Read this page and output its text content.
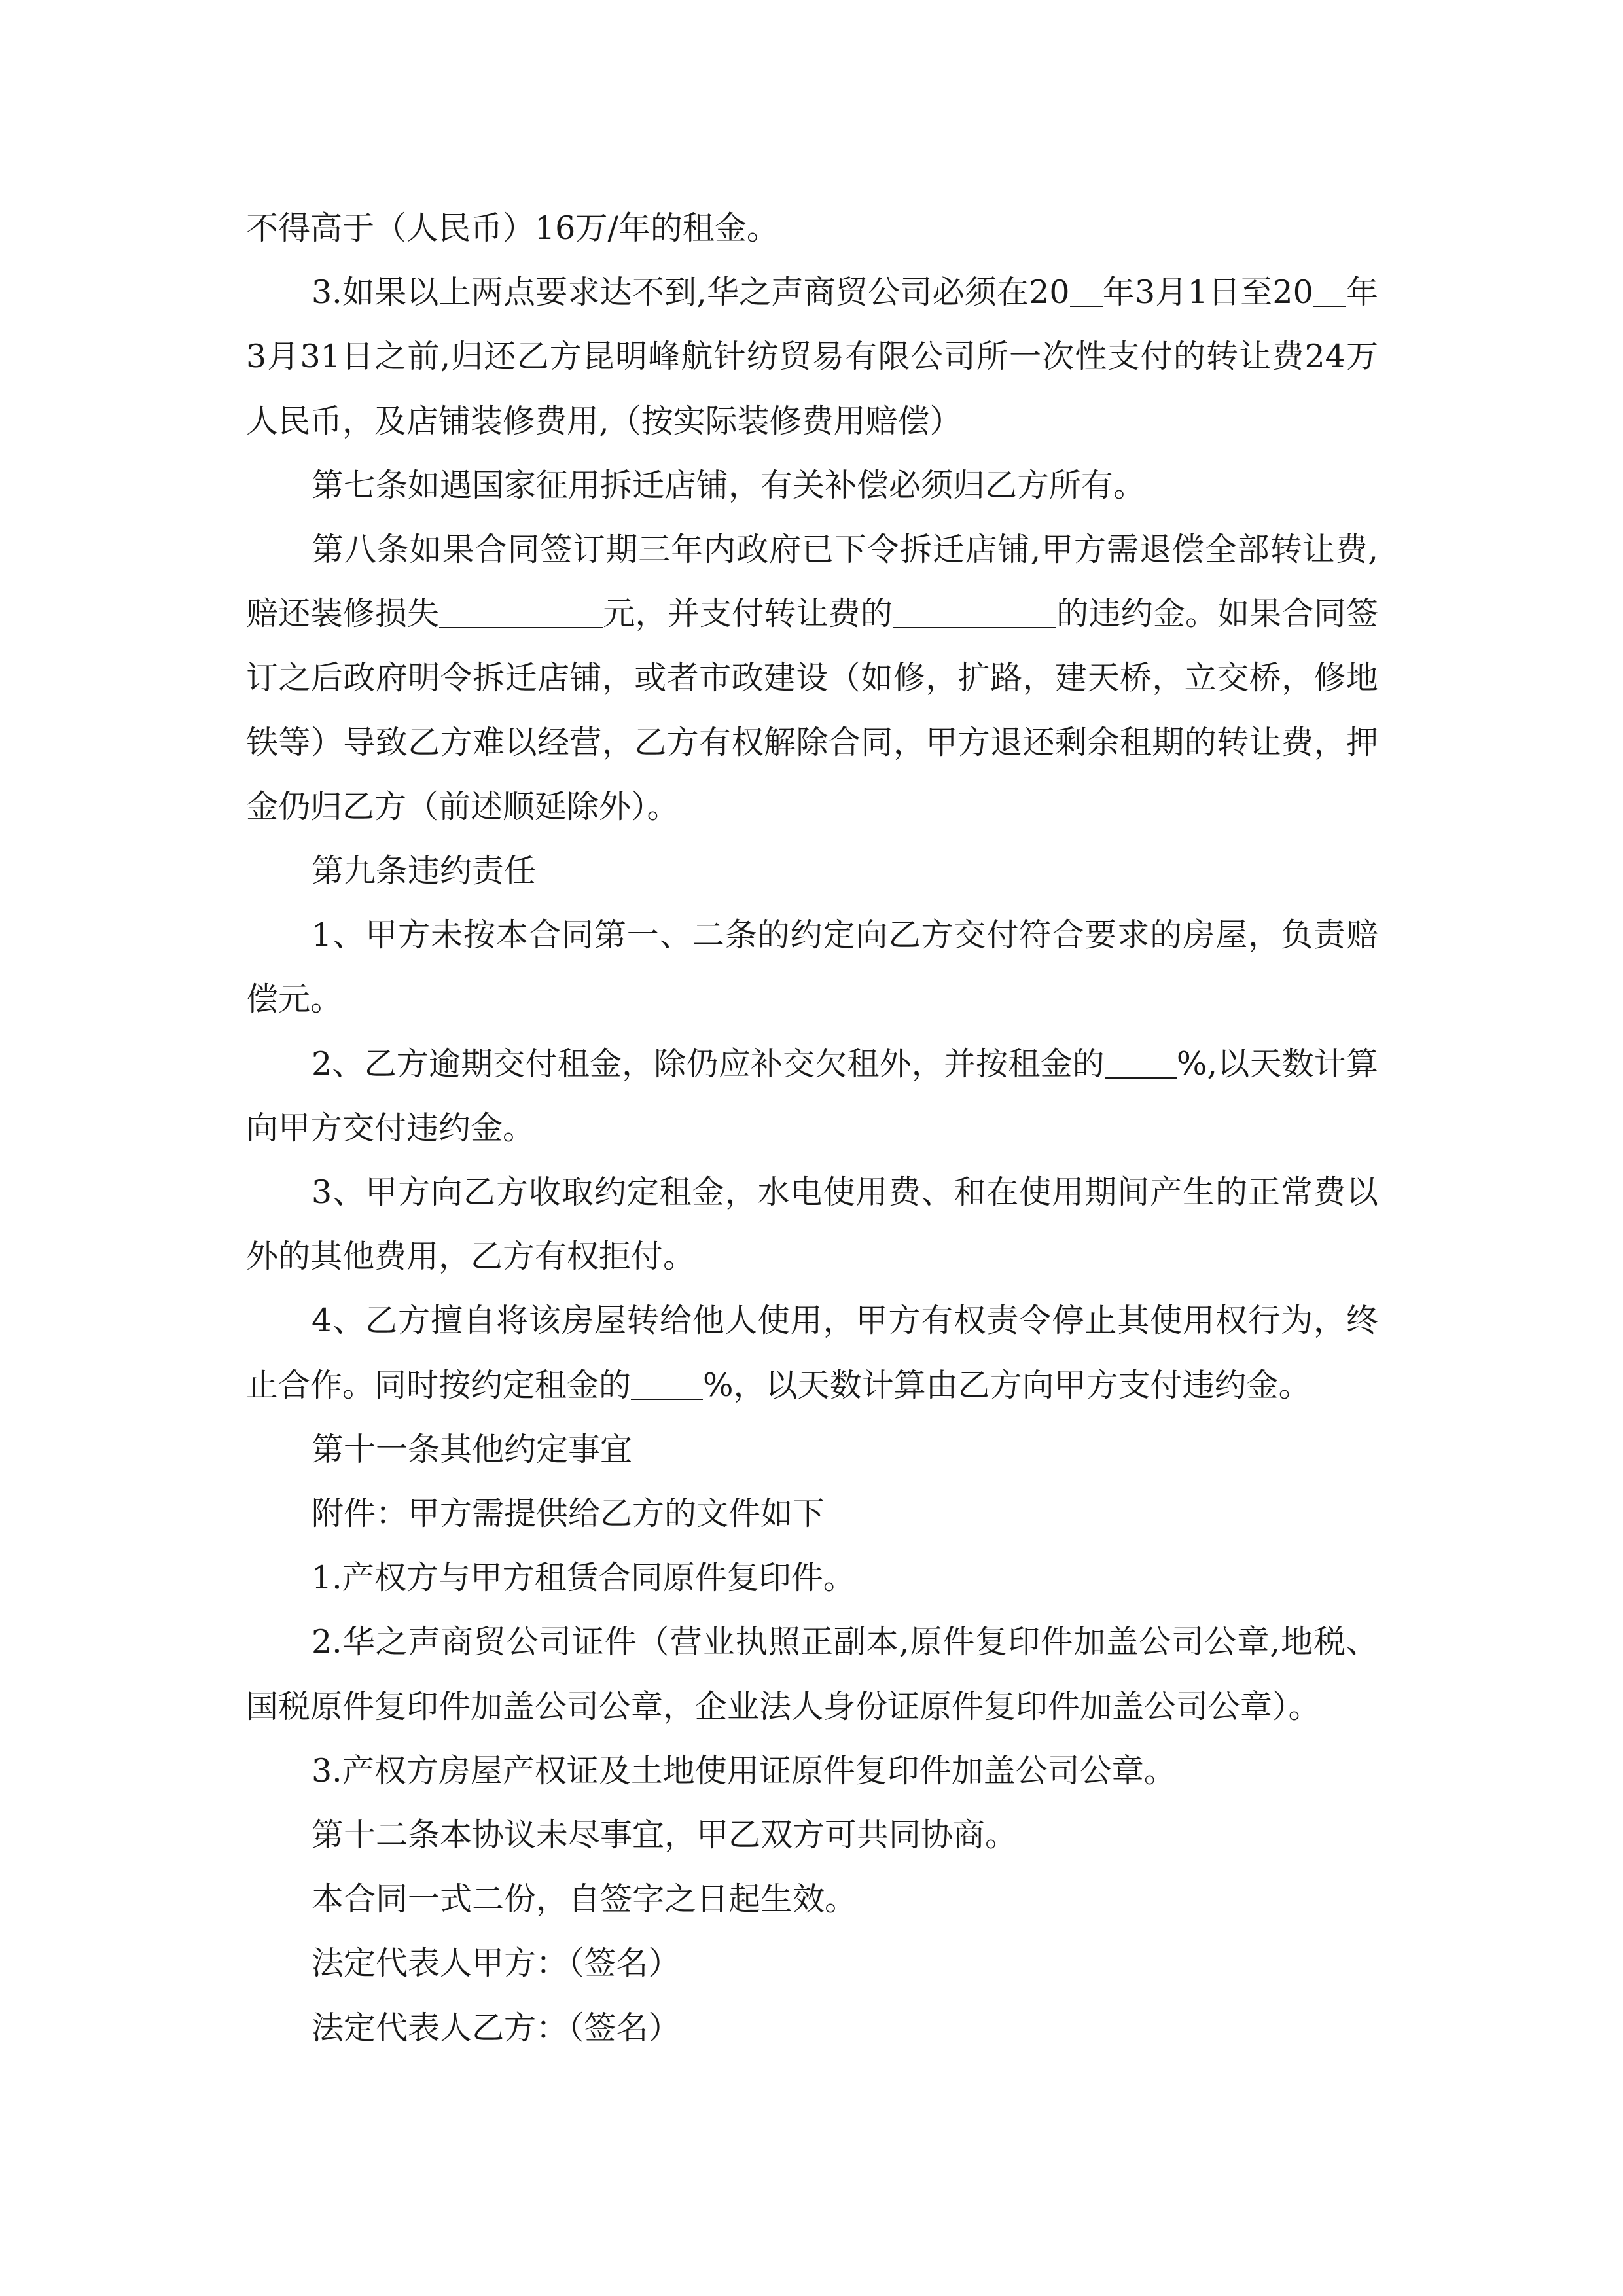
不得高于（人民币）16万/年的租金。

3.如果以上两点要求达不到,华之声商贸公司必须在20 年3月1日至20 年3月31日之前,归还乙方昆明峰航针纺贸易有限公司所一次性支付的转让费24万人民币，及店铺装修费用,（按实际装修费用赔偿）

第七条如遇国家征用拆迁店铺，有关补偿必须归乙方所有。

第八条如果合同签订期三年内政府已下令拆迁店铺,甲方需退偿全部转让费,赔还装修损失	元，并支付转让费的	的违约金。如果合同签订之后政府明令拆迁店铺，或者市政建设（如修，扩路，建天桥，立交桥，修地铁等）导致乙方难以经营，乙方有权解除合同，甲方退还剩余租期的转让费，押金仍归乙方（前述顺延除外）。

第九条违约责任

1、甲方未按本合同第一、二条的约定向乙方交付符合要求的房屋，负责赔偿元。

2、乙方逾期交付租金，除仍应补交欠租外，并按租金的 %,以天数计算向甲方交付违约金。

3、甲方向乙方收取约定租金，水电使用费、和在使用期间产生的正常费以外的其他费用，乙方有权拒付。

4、乙方擅自将该房屋转给他人使用，甲方有权责令停止其使用权行为，终止合作。同时按约定租金的 %，以天数计算由乙方向甲方支付违约金。

第十一条其他约定事宜

附件：甲方需提供给乙方的文件如下

1.产权方与甲方租赁合同原件复印件。

2.华之声商贸公司证件（营业执照正副本,原件复印件加盖公司公章,地税、国税原件复印件加盖公司公章，企业法人身份证原件复印件加盖公司公章）。

3.产权方房屋产权证及土地使用证原件复印件加盖公司公章。

第十二条本协议未尽事宜，甲乙双方可共同协商。

本合同一式二份，自签字之日起生效。

法定代表人甲方：（签名）

法定代表人乙方：（签名）
